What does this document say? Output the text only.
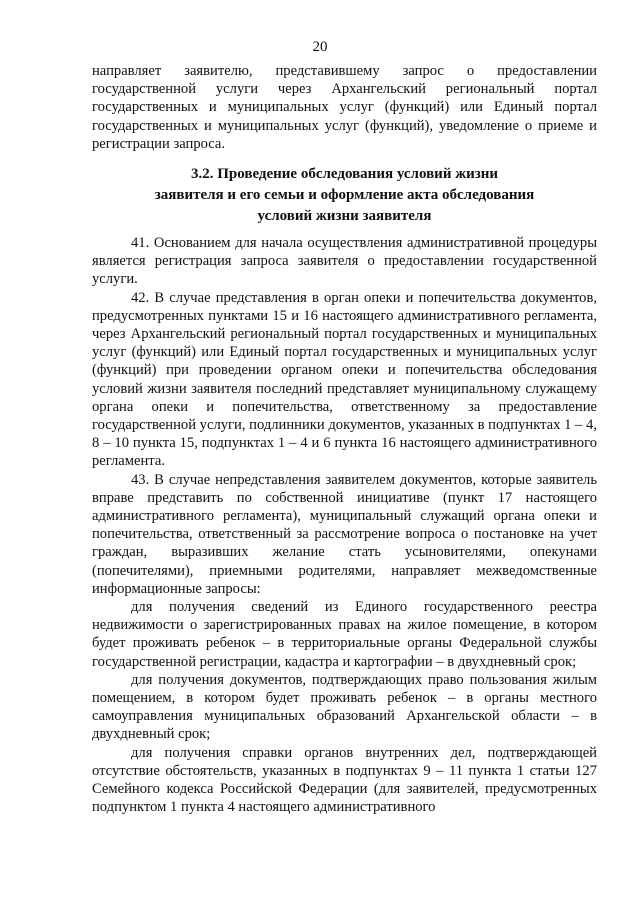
20

направляет заявителю, представившему запрос о предоставлении государственной услуги через Архангельский региональный портал государственных и муниципальных услуг (функций) или Единый портал государственных и муниципальных услуг (функций), уведомление о приеме и регистрации запроса.

3.2. Проведение обследования условий жизни
заявителя и его семьи и оформление акта обследования
условий жизни заявителя

41. Основанием для начала осуществления административной процедуры является регистрация запроса заявителя о предоставлении государственной услуги.

42. В случае представления в орган опеки и попечительства документов, предусмотренных пунктами 15 и 16 настоящего административного регламента, через Архангельский региональный портал государственных и муниципальных услуг (функций) или Единый портал государственных и муниципальных услуг (функций) при проведении органом опеки и попечительства обследования условий жизни заявителя последний представляет муниципальному служащему органа опеки и попечительства, ответственному за предоставление государственной услуги, подлинники документов, указанных в подпунктах 1 – 4, 8 – 10 пункта 15, подпунктах 1 – 4 и 6 пункта 16 настоящего административного регламента.

43. В случае непредставления заявителем документов, которые заявитель вправе представить по собственной инициативе (пункт 17 настоящего административного регламента), муниципальный служащий органа опеки и попечительства, ответственный за рассмотрение вопроса о постановке на учет граждан, выразивших желание стать усыновителями, опекунами (попечителями), приемными родителями, направляет межведомственные информационные запросы:

для получения сведений из Единого государственного реестра недвижимости о зарегистрированных правах на жилое помещение, в котором будет проживать ребенок – в территориальные органы Федеральной службы государственной регистрации, кадастра и картографии – в двухдневный срок;

для получения документов, подтверждающих право пользования жилым помещением, в котором будет проживать ребенок – в органы местного самоуправления муниципальных образований Архангельской области – в двухдневный срок;

для получения справки органов внутренних дел, подтверждающей отсутствие обстоятельств, указанных в подпунктах 9 – 11 пункта 1 статьи 127 Семейного кодекса Российской Федерации (для заявителей, предусмотренных подпунктом 1 пункта 4 настоящего административного
